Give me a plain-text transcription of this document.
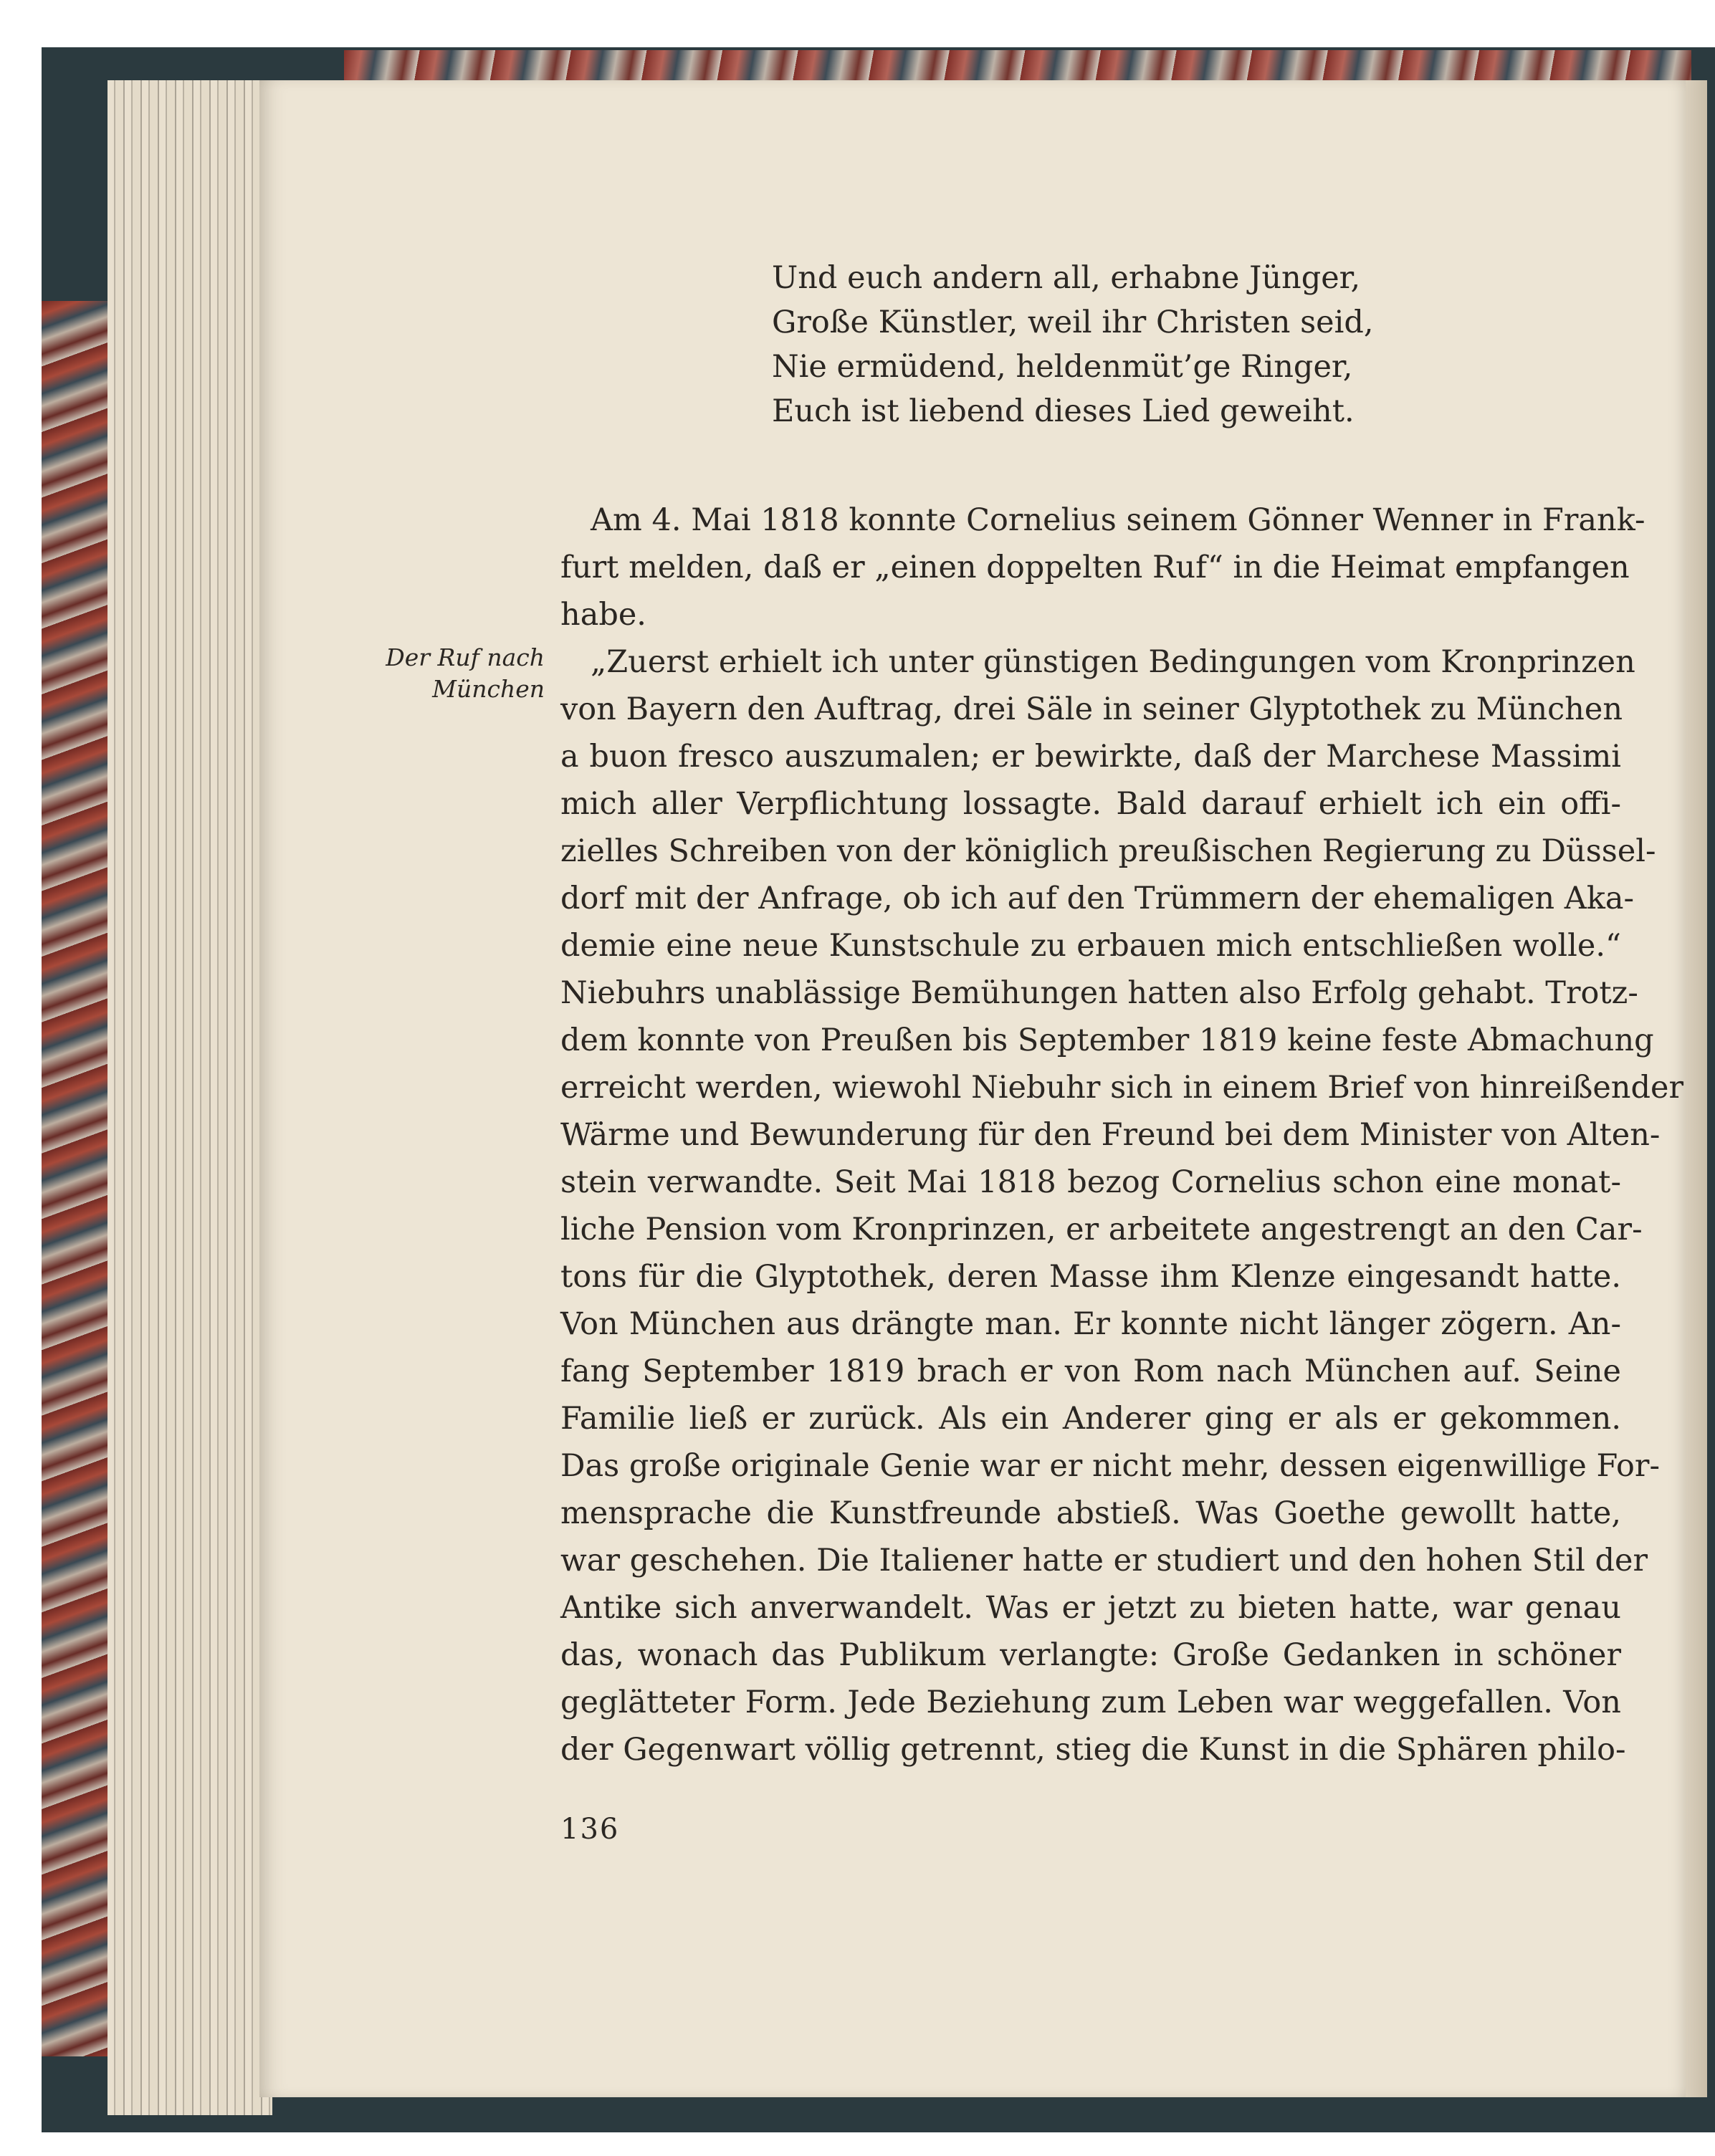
Und euch andern all, erhabne Jünger,
Große Künstler, weil ihr Christen seid,
Nie ermüdend, heldenmüt’ge Ringer,
Euch ist liebend dieses Lied geweiht.
Der Ruf nach
München
Am 4. Mai 1818 konnte Cornelius seinem Gönner Wenner in Frank-
furt melden, daß er „einen doppelten Ruf“ in die Heimat empfangen
habe.
„Zuerst erhielt ich unter günstigen Bedingungen vom Kronprinzen
von Bayern den Auftrag, drei Säle in seiner Glyptothek zu München
a buon fresco auszumalen; er bewirkte, daß der Marchese Massimi
mich aller Verpflichtung lossagte. Bald darauf erhielt ich ein offi-
zielles Schreiben von der königlich preußischen Regierung zu Düssel-
dorf mit der Anfrage, ob ich auf den Trümmern der ehemaligen Aka-
demie eine neue Kunstschule zu erbauen mich entschließen wolle.“
Niebuhrs unablässige Bemühungen hatten also Erfolg gehabt. Trotz-
dem konnte von Preußen bis September 1819 keine feste Abmachung
erreicht werden, wiewohl Niebuhr sich in einem Brief von hinreißender
Wärme und Bewunderung für den Freund bei dem Minister von Alten-
stein verwandte. Seit Mai 1818 bezog Cornelius schon eine monat-
liche Pension vom Kronprinzen, er arbeitete angestrengt an den Car-
tons für die Glyptothek, deren Masse ihm Klenze eingesandt hatte.
Von München aus drängte man. Er konnte nicht länger zögern. An-
fang September 1819 brach er von Rom nach München auf. Seine
Familie ließ er zurück. Als ein Anderer ging er als er gekommen.
Das große originale Genie war er nicht mehr, dessen eigenwillige For-
mensprache die Kunstfreunde abstieß. Was Goethe gewollt hatte,
war geschehen. Die Italiener hatte er studiert und den hohen Stil der
Antike sich anverwandelt. Was er jetzt zu bieten hatte, war genau
das, wonach das Publikum verlangte: Große Gedanken in schöner
geglätteter Form. Jede Beziehung zum Leben war weggefallen. Von
der Gegenwart völlig getrennt, stieg die Kunst in die Sphären philo-
136
